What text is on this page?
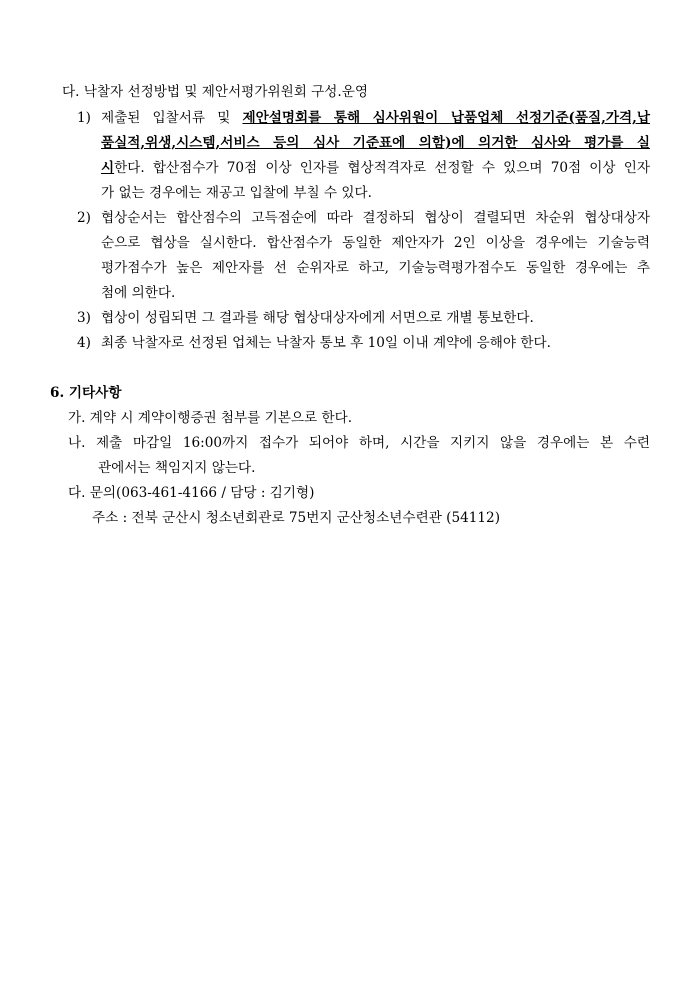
다. 낙찰자 선정방법 및 제안서평가위원회 구성.운영
1) 제출된 입찰서류 및 제안설명회를 통해 심사위원이 납품업체 선정기준(품질,가격,납
품실적,위생,시스템,서비스 등의 심사 기준표에 의함)에 의거한 심사와 평가를 실
시한다. 합산점수가 70점 이상 인자를 협상적격자로 선정할 수 있으며 70점 이상 인자
가 없는 경우에는 재공고 입찰에 부칠 수 있다.
2) 협상순서는 합산점수의 고득점순에 따라 결정하되 협상이 결렬되면 차순위 협상대상자
순으로 협상을 실시한다. 합산점수가 동일한 제안자가 2인 이상을 경우에는 기술능력
평가점수가 높은 제안자를 선 순위자로 하고, 기술능력평가점수도 동일한 경우에는 추
첨에 의한다.
3) 협상이 성립되면 그 결과를 해당 협상대상자에게 서면으로 개별 통보한다.
4) 최종 낙찰자로 선정된 업체는 낙찰자 통보 후 10일 이내 계약에 응해야 한다.
6. 기타사항
가. 계약 시 계약이행증권 첨부를 기본으로 한다.
나. 제출 마감일 16:00까지 접수가 되어야 하며, 시간을 지키지 않을 경우에는 본 수련
관에서는 책임지지 않는다.
다. 문의(063-461-4166 / 담당 : 김기형)
주소 : 전북 군산시 청소년회관로 75번지 군산청소년수련관 (54112)
